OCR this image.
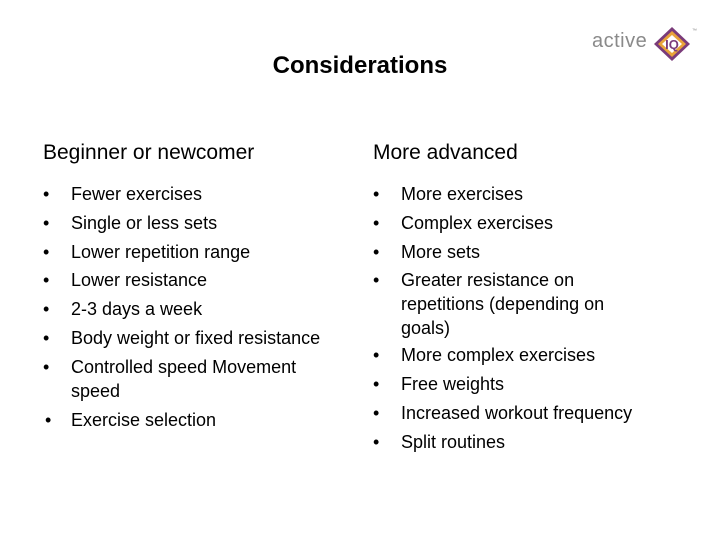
active IQ
™
Considerations
Beginner or newcomer
•	Fewer exercises
•	Single or less sets
•	Lower repetition range
•	Lower resistance
•	2-3 days a week
•	Body weight or fixed resistance
•	Controlled speed Movement
speed
•	Exercise selection
More advanced
•	More exercises
•	Complex exercises
•	More sets
•	Greater resistance on
repetitions (depending on
goals)
•	More complex exercises
•	Free weights
•	Increased workout frequency
•	Split routines
